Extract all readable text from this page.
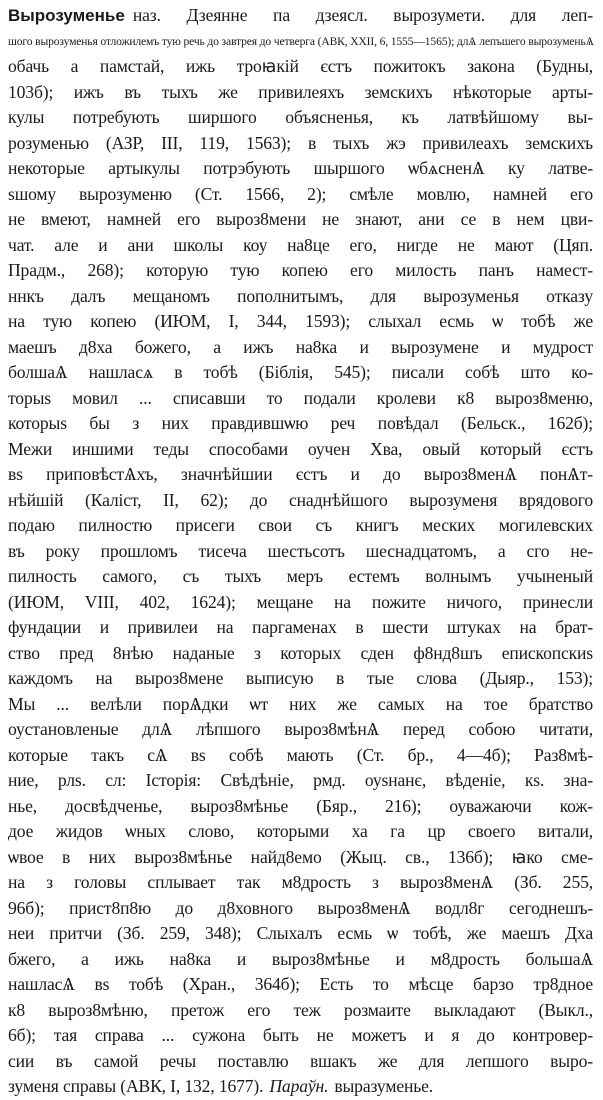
Вырозуменье наз. Дзеянне па дзеясл. вырозумети. для леп-
шого вырозуменья отложилемъ тую речь до завтрея до четверга (АВК, XXII, 6, 1555—1565); длѦ лепъшего вырозуменьѦ
обачь а памстай, ижь троꙗкій єстъ пожитокъ закона (Будны,
103б); ижъ въ тыхъ же привилеяхъ земскихъ нѣкоторые арты-
кулы потребують ширшого объясненья, къ латвѣйшому вы-
розуменью (АЗР, III, 119, 1563); в тыхъ жэ привилеахъ земскихъ
некоторые артыкулы потрэбують шыршого ѡбѧсненѦ ку латве-
ѕшому вырозуменю (Ст. 1566, 2); смѣле мовлю, намней его
не вмеют, намней его выроз8мени не знают, ани се в нем цви-
чат. але и ани школы коу на8це его, нигде не мают (Цяп.
Прадм., 268); которую тую копею его милость панъ намест-
ннкъ далъ мещаномъ пополнитымъ, для вырозуменья отказу
на тую копею (ИЮМ, I, 344, 1593); слыхал есмь ѡ тобѣ же
маешъ д8ха божего, а ижъ на8ка и вырозумене и мудрост
болшаѦ нашласѧ в тобѣ (Біблія, 545); писали собѣ што ко-
торыѕ мовил ... списавши то подали кролеви к8 выроз8меню,
которыѕ бы з них правдившѡю реч повѣдал (Бельск., 162б);
Межи иншими теды способами оучен Хва, овый который єстъ
вѕ приповѣстѦхъ, значнѣйшии єстъ и до выроз8менѦ понѦт-
нѣйшій (Каліст, II, 62); до снаднѣйшого вырозуменя врядового
подаю пилностю присеги свои съ книгъ меских могилевских
въ року прошломъ тисеча шестьсотъ шеснадцатомъ, а сго не-
пилность самого, съ тыхъ меръ естемъ волнымъ учыненый
(ИЮМ, VIII, 402, 1624); мещане на пожите ничого, принесли
фундации и привилеи на паргаменах в шести штуках на брат-
ство пред 8нѣю наданые з которых сден ф8нд8шъ епископскиѕ
каждомъ на выроз8мене выписую в тые слова (Дыяр., 153);
Мы ... велѣли порѦдки ѡт них же самых на тое братство
оустановленые длѦ лѣпшого выроз8мѣнѦ перед собою читати,
которые такъ сѦ вѕ собѣ мають (Ст. бр., 4—4б); Раз8мѣ-
ние, рлѕ. сл: Історія: Свѣдѣніе, рмд. оуѕнанє, вѣденіе, кѕ. зна-
нье, досвѣдченье, выроз8мѣнье (Бяр., 216); оуважаючи кож-
дое жидов ѡных слово, которыми ха га цр своего витали,
ѡвое в них выроз8мѣнье найд8емо (Жыц. св., 136б); ꙗко сме-
на з головы сплывает так м8дрость з выроз8менѦ (Зб. 255,
96б); прист8п8ю до д8ховного выроз8менѦ водл8г сегоднешъ-
неи притчи (Зб. 259, 348); Слыхалъ есмь ѡ тобѣ, же маешъ Дха
бжего, а ижь на8ка и выроз8мѣнье и м8дрость большаѦ
нашласѦ вѕ тобѣ (Хран., 364б); Есть то мѣсце барзо тр8дное
к8 выроз8мѣню, претож его теж розмаите выкладают (Выкл.,
6б); тая справа ... сужона быть не можетъ и я до контровер-
сии въ самой речы поставлю вшакъ же для лепшого выро-
зуменя справы (АВК, I, 132, 1677). Параўн. выразуменье.
